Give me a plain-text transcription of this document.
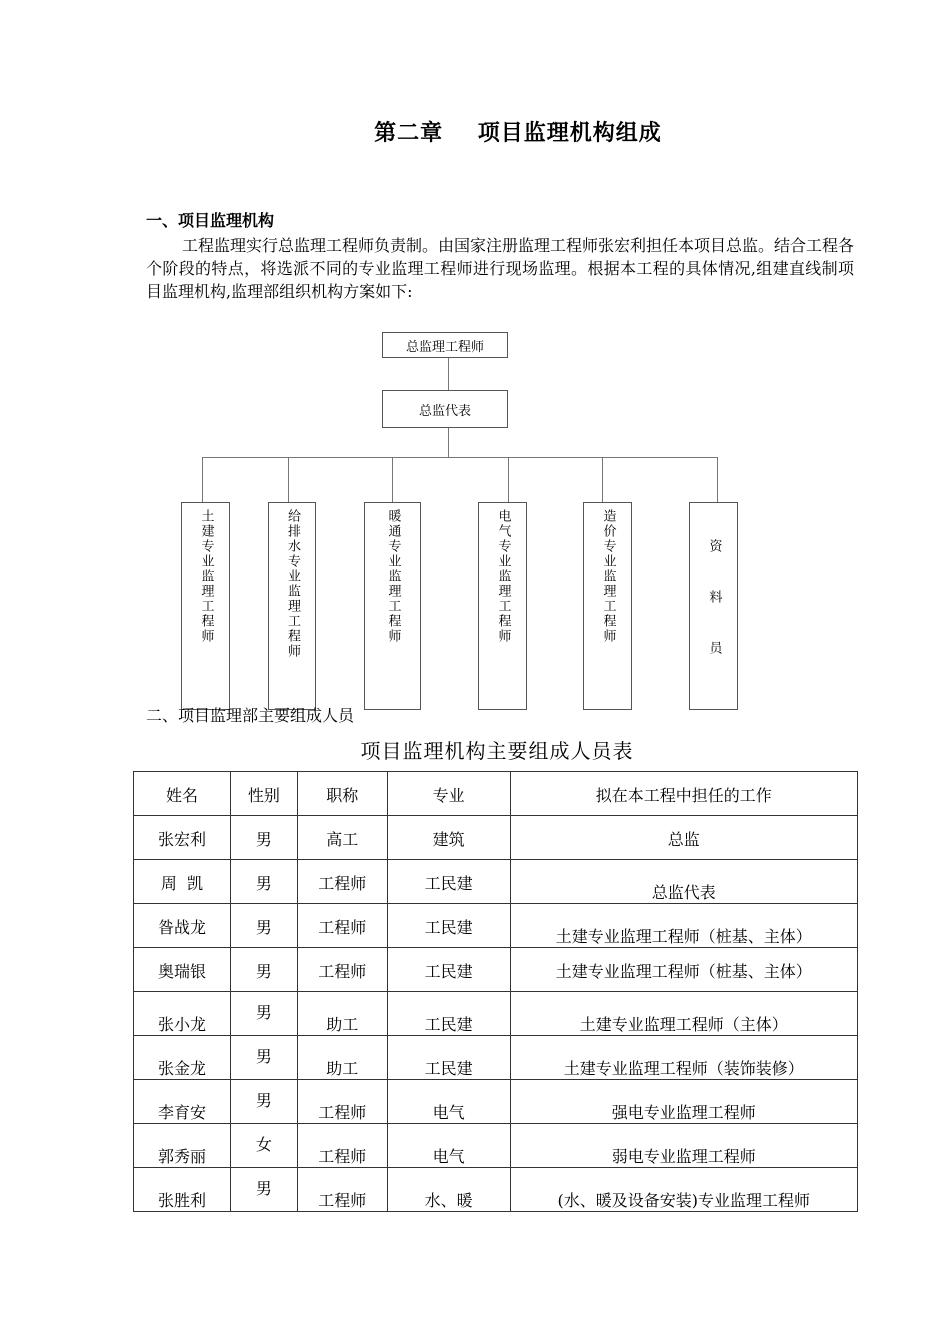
第二章    项目监理机构组成
一、项目监理机构
工程监理实行总监理工程师负责制。由国家注册监理工程师张宏利担任本项目总监。结合工程各个阶段的特点，将选派不同的专业监理工程师进行现场监理。根据本工程的具体情况,组建直线制项目监理机构,监理部组织机构方案如下:
总监理工程师
总监代表
土建专业监理工程师	给排水专业监理工程师	暖通专业监理工程师	电气专业监理工程师	造价专业监理工程师	资料员
二、项目监理部主要组成人员
项目监理机构主要组成人员表
姓名	性别	职称	专业	拟在本工程中担任的工作

张宏利	男	高工	建筑	总监

周  凯	男	工程师	工民建	总监代表

昝战龙	男	工程师	工民建	土建专业监理工程师（桩基、主体）

奥瑞银	男	工程师	工民建	土建专业监理工程师（桩基、主体）

张小龙	男	助工	工民建	土建专业监理工程师（主体）

张金龙	男	助工	工民建	土建专业监理工程师（装饰装修）

李育安	男	工程师	电气	强电专业监理工程师

郭秀丽	女	工程师	电气	弱电专业监理工程师

张胜利	男	工程师	水、暖	(水、暖及设备安装)专业监理工程师
